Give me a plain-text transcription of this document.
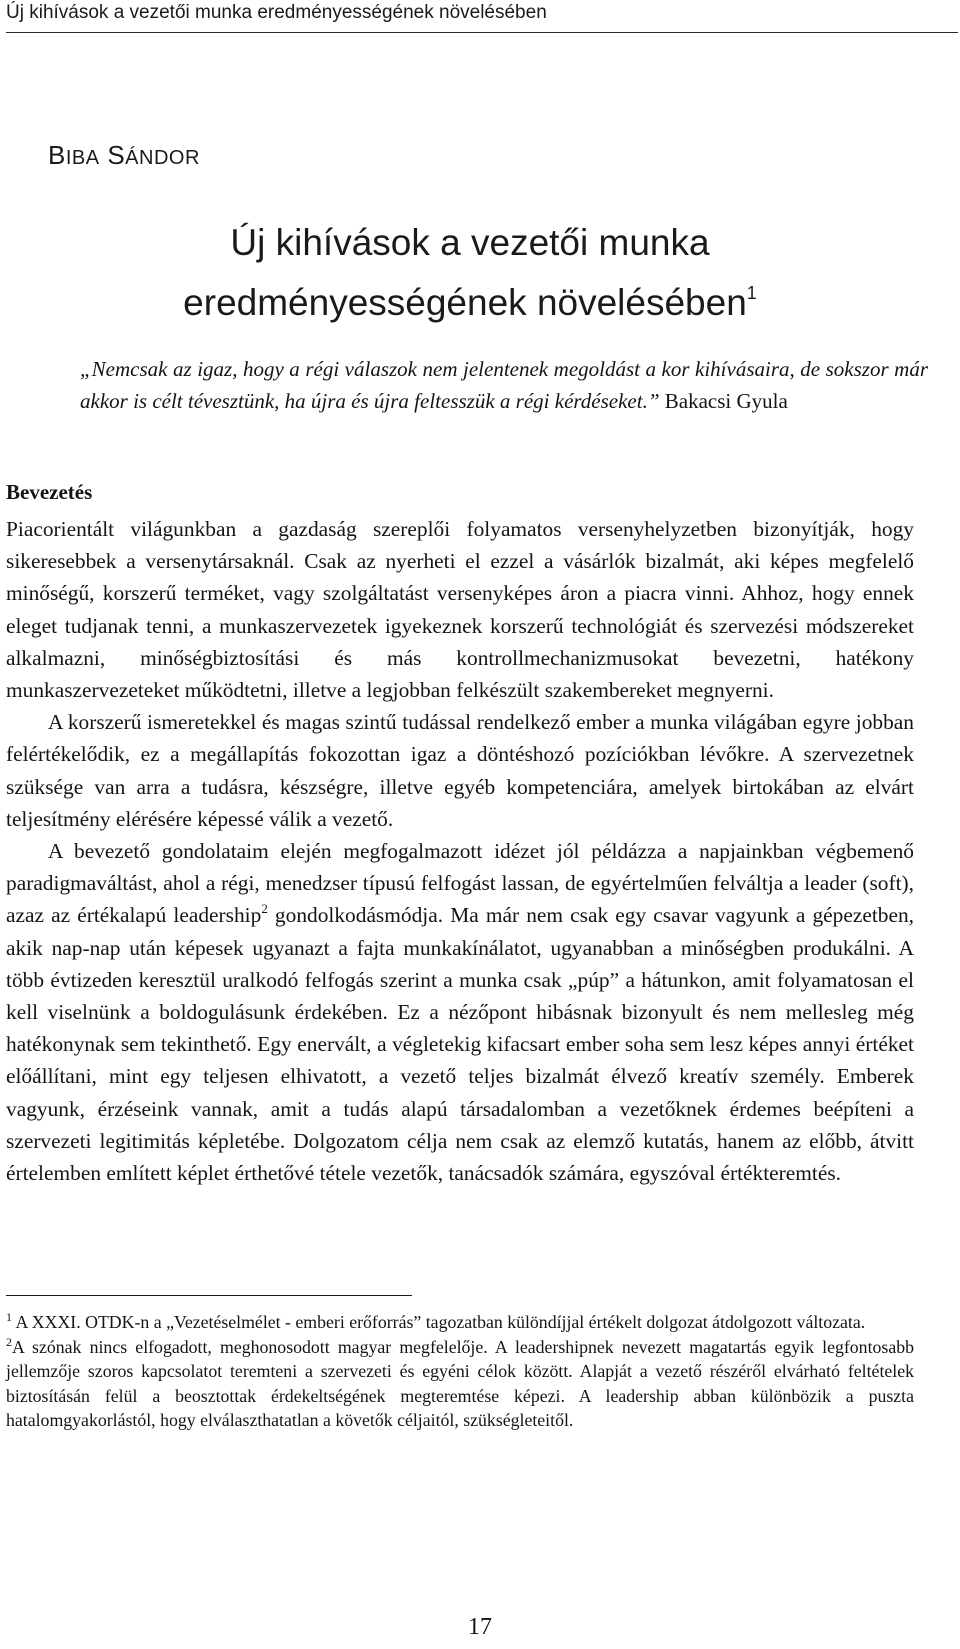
Új kihívások a vezetői munka eredményességének növelésében
BIBA SÁNDOR
Új kihívások a vezetői munka
eredményességének növelésében$^1$

„Nemcsak az igaz, hogy a régi válaszok nem jelentenek megoldást a kor kihívásaira, de sokszor már akkor is célt tévesztünk, ha újra és újra feltesszük a régi kérdéseket.” Bakacsi Gyula

Bevezetés

Piacorientált világunkban a gazdaság szereplői folyamatos versenyhelyzetben bizonyítják, hogy sikeresebbek a versenytársaknál. Csak az nyerheti el ezzel a vásárlók bizalmát, aki képes megfelelő minőségű, korszerű terméket, vagy szolgáltatást versenyképes áron a piacra vinni. Ahhoz, hogy ennek eleget tudjanak tenni, a munkaszervezetek igyekeznek korszerű technológiát és szervezési módszereket alkalmazni, minőségbiztosítási és más kontrollmechanizmusokat bevezetni, hatékony munkaszervezeteket működtetni, illetve a legjobban felkészült szakembereket megnyerni.

A korszerű ismeretekkel és magas szintű tudással rendelkező ember a munka világában egyre jobban felértékelődik, ez a megállapítás fokozottan igaz a döntéshozó pozíciókban lévőkre. A szervezetnek szüksége van arra a tudásra, készségre, illetve egyéb kompetenciára, amelyek birtokában az elvárt teljesítmény elérésére képessé válik a vezető.

A bevezető gondolataim elején megfogalmazott idézet jól példázza a napjainkban végbemenő paradigmaváltást, ahol a régi, menedzser típusú felfogást lassan, de egyértelműen felváltja a leader (soft), azaz az értékalapú leadership$^2$ gondolkodásmódja. Ma már nem csak egy csavar vagyunk a gépezetben, akik nap-nap után képesek ugyanazt a fajta munkakínálatot, ugyanabban a minőségben produkálni. A több évtizeden keresztül uralkodó felfogás szerint a munka csak „púp” a hátunkon, amit folyamatosan el kell viselnünk a boldogulásunk érdekében. Ez a nézőpont hibásnak bizonyult és nem mellesleg még hatékonynak sem tekinthető. Egy enervált, a végletekig kifacsart ember soha sem lesz képes annyi értéket előállítani, mint egy teljesen elhivatott, a vezető teljes bizalmát élvező kreatív személy. Emberek vagyunk, érzéseink vannak, amit a tudás alapú társadalomban a vezetőknek érdemes beépíteni a szervezeti legitimitás képletébe. Dolgozatom célja nem csak az elemző kutatás, hanem az előbb, átvitt értelemben említett képlet érthetővé tétele vezetők, tanácsadók számára, egyszóval értékteremtés.

$^1$ A XXXI. OTDK-n a „Vezetéselmélet - emberi erőforrás” tagozatban különdíjjal értékelt dolgozat átdolgozott változata.

$^2$A szónak nincs elfogadott, meghonosodott magyar megfelelője. A leadershipnek nevezett magatartás egyik legfontosabb jellemzője szoros kapcsolatot teremteni a szervezeti és egyéni célok között. Alapját a vezető részéről elvárható feltételek biztosításán felül a beosztottak érdekeltségének megteremtése képezi. A leadership abban különbözik a puszta hatalomgyakorlástól, hogy elválaszthatatlan a követők céljaitól, szükségleteitől.

17
